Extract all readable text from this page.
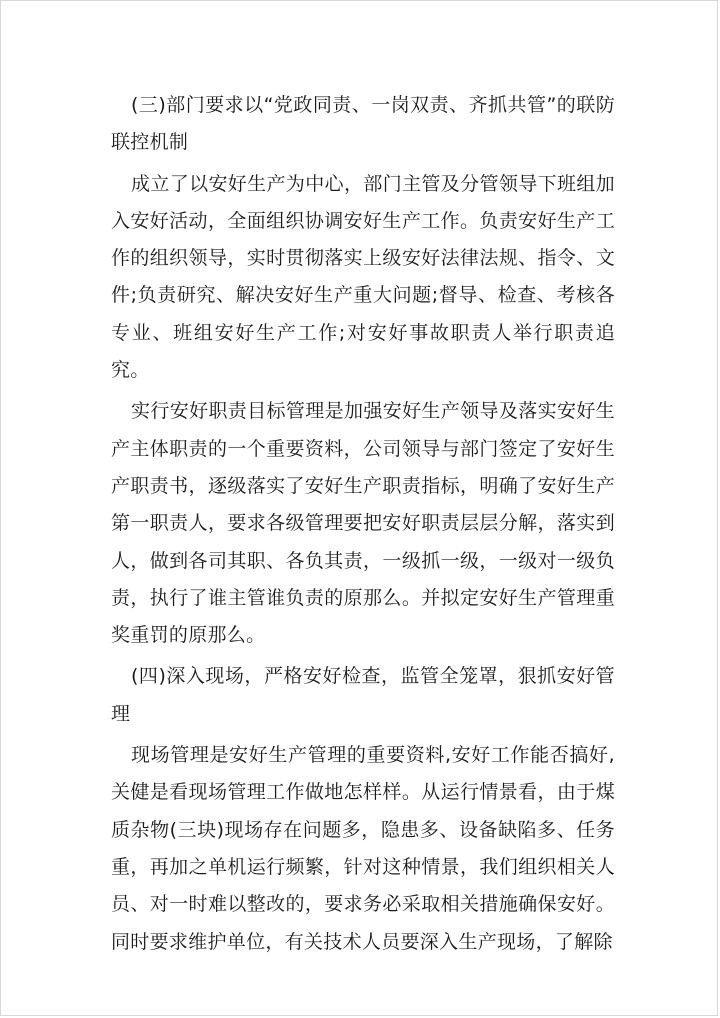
(三)部门要求以“党政同责、一岗双责、齐抓共管”的联防联控机制

成立了以安好生产为中心，部门主管及分管领导下班组加入安好活动，全面组织协调安好生产工作。负责安好生产工作的组织领导，实时贯彻落实上级安好法律法规、指令、文件;负责研究、解决安好生产重大问题;督导、检查、考核各专业、班组安好生产工作;对安好事故职责人举行职责追究。

实行安好职责目标管理是加强安好生产领导及落实安好生产主体职责的一个重要资料，公司领导与部门签定了安好生产职责书，逐级落实了安好生产职责指标，明确了安好生产第一职责人，要求各级管理要把安好职责层层分解，落实到人，做到各司其职、各负其责，一级抓一级，一级对一级负责，执行了谁主管谁负责的原那么。并拟定安好生产管理重奖重罚的原那么。

(四)深入现场，严格安好检查，监管全笼罩，狠抓安好管理

现场管理是安好生产管理的重要资料,安好工作能否搞好,关健是看现场管理工作做地怎样样。从运行情景看，由于煤质杂物(三块)现场存在问题多，隐患多、设备缺陷多、任务重，再加之单机运行频繁，针对这种情景，我们组织相关人员、对一时难以整改的，要求务必采取相关措施确保安好。同时要求维护单位，有关技术人员要深入生产现场，了解除
